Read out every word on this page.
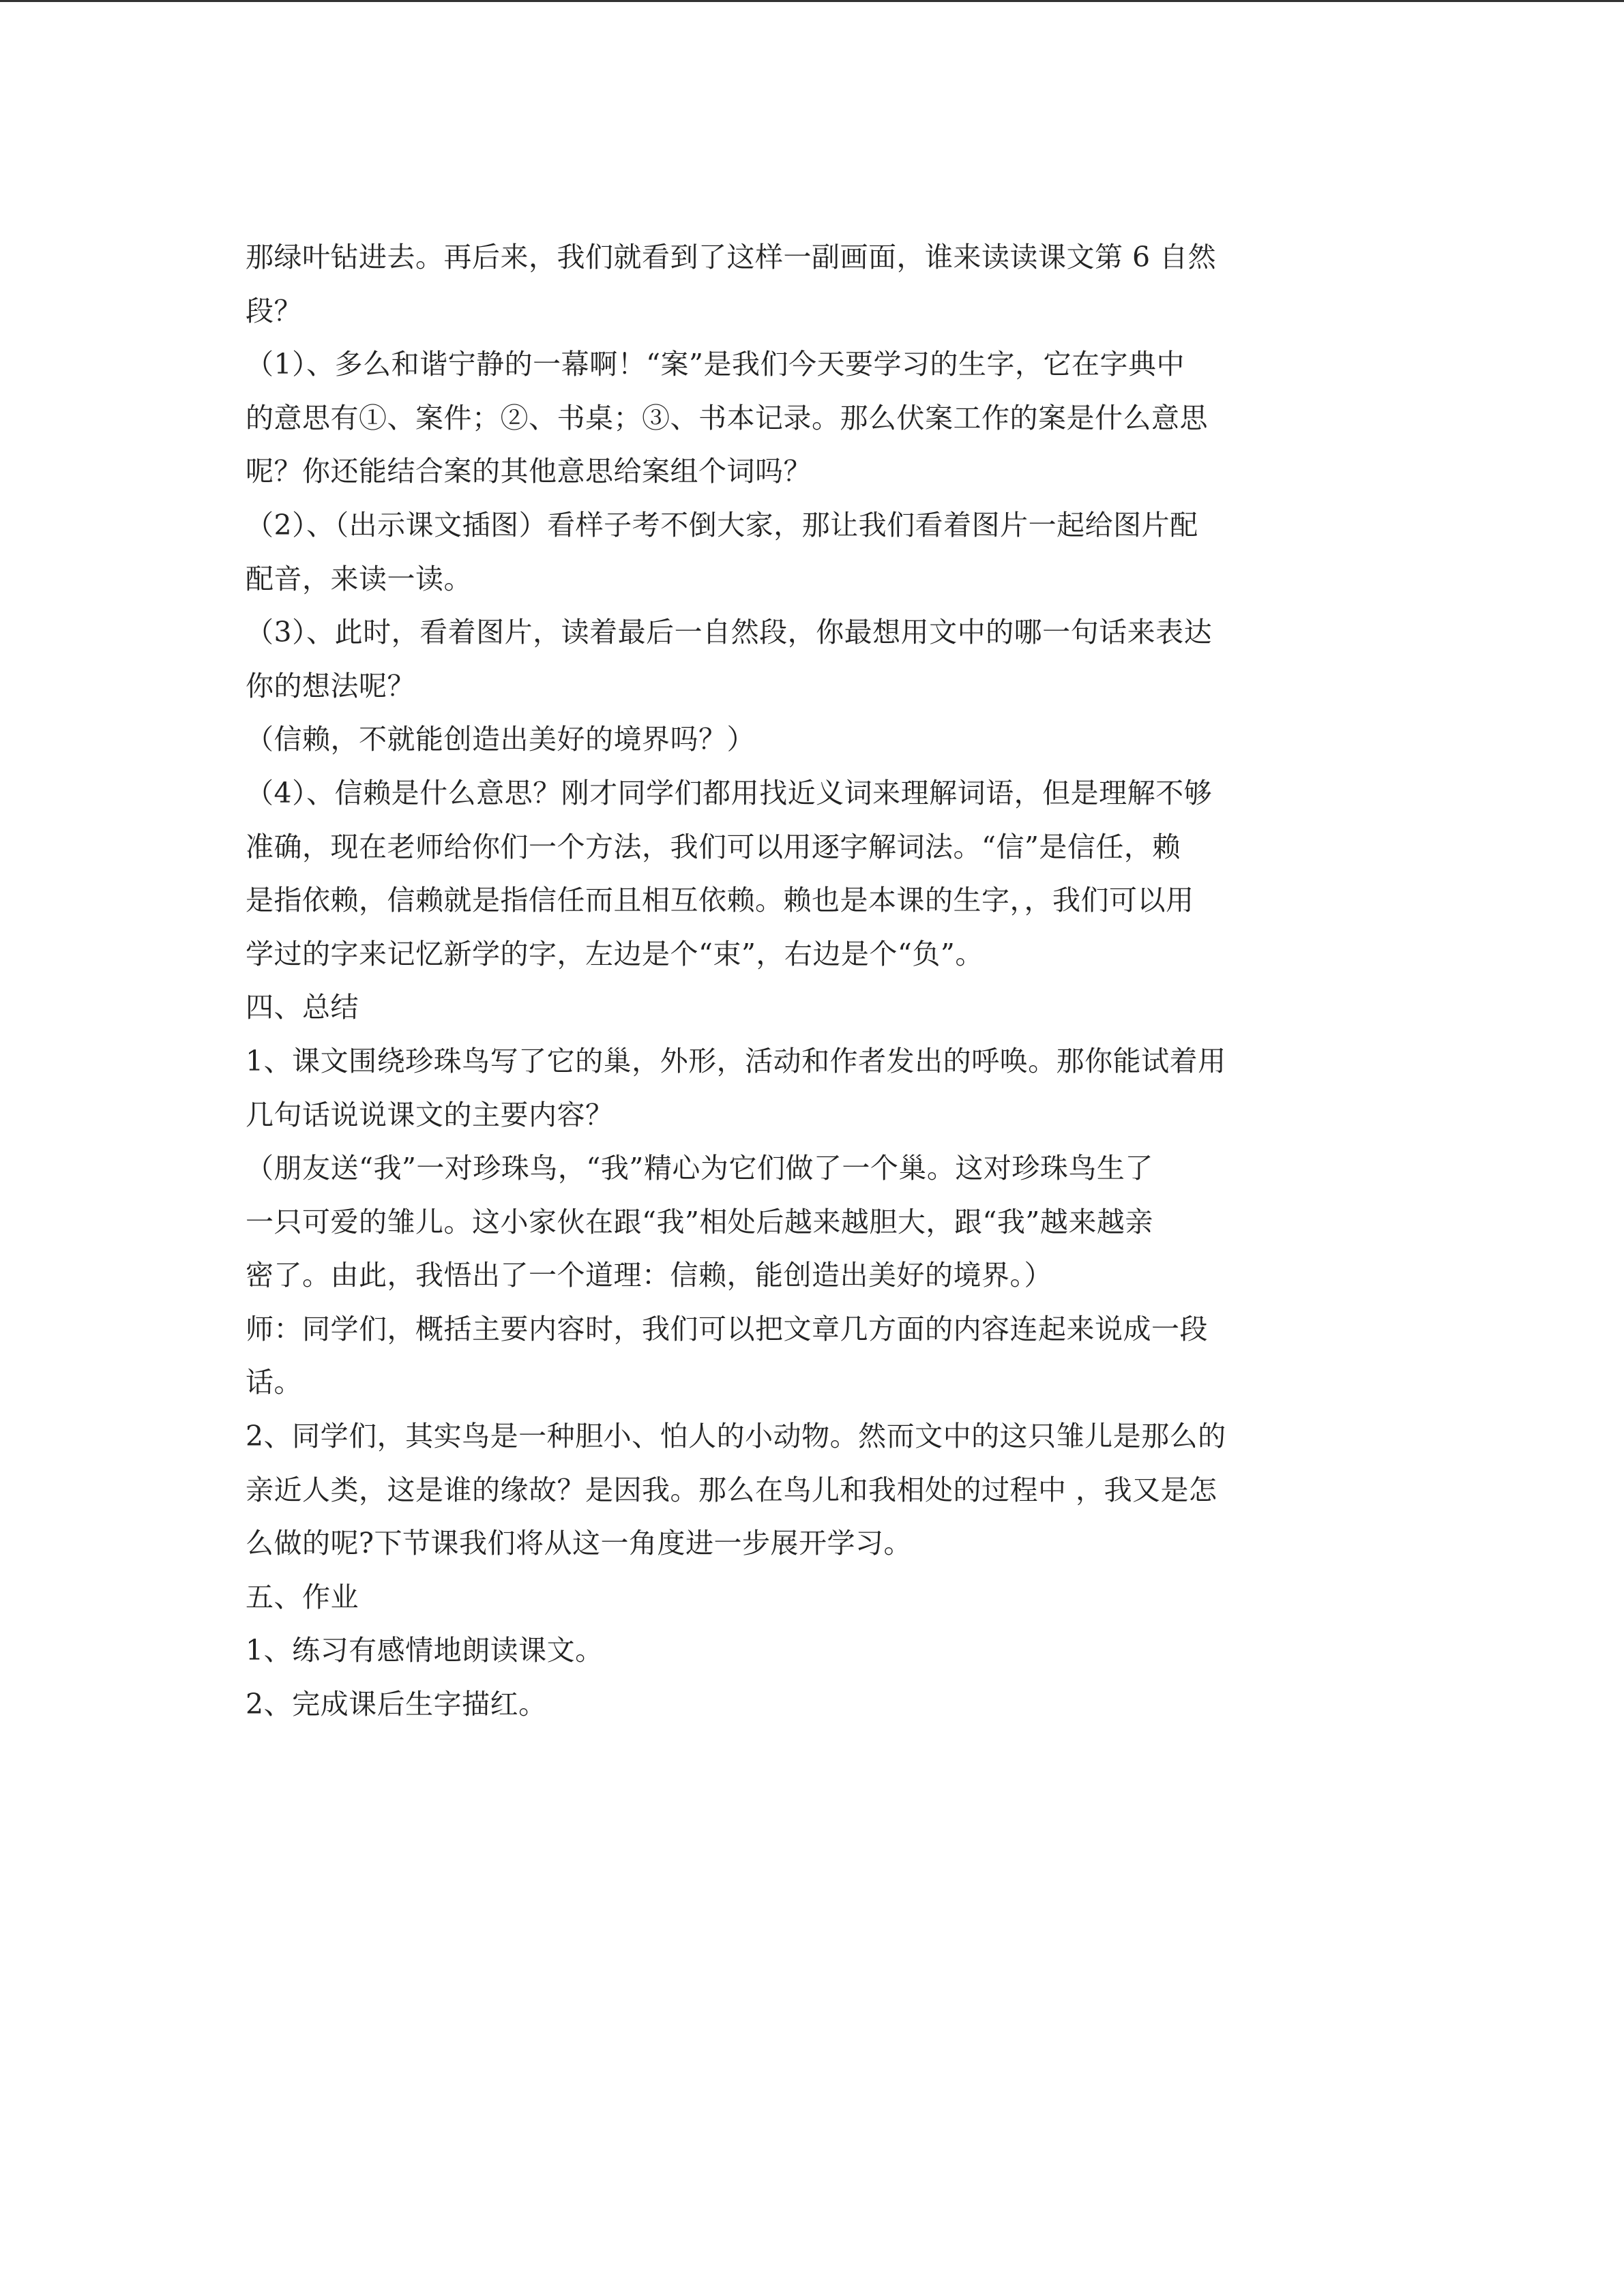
那绿叶钻进去。再后来，我们就看到了这样一副画面，谁来读读课文第 6 自然
段？
（1）、多么和谐宁静的一幕啊！“案”是我们今天要学习的生字，它在字典中
的意思有①、案件；②、书桌；③、书本记录。那么伏案工作的案是什么意思
呢？你还能结合案的其他意思给案组个词吗？
（2）、（出示课文插图）看样子考不倒大家，那让我们看着图片一起给图片配
配音，来读一读。
（3）、此时，看着图片，读着最后一自然段，你最想用文中的哪一句话来表达
你的想法呢？
（信赖，不就能创造出美好的境界吗？）
（4）、信赖是什么意思？刚才同学们都用找近义词来理解词语，但是理解不够
准确，现在老师给你们一个方法，我们可以用逐字解词法。“信”是信任，赖
是指依赖，信赖就是指信任而且相互依赖。赖也是本课的生字，，我们可以用
学过的字来记忆新学的字，左边是个“束”，右边是个“负”。
四、总结
1、课文围绕珍珠鸟写了它的巢，外形，活动和作者发出的呼唤。那你能试着用
几句话说说课文的主要内容？
（朋友送“我”一对珍珠鸟，“我”精心为它们做了一个巢。这对珍珠鸟生了
一只可爱的雏儿。这小家伙在跟“我”相处后越来越胆大，跟“我”越来越亲
密了。由此，我悟出了一个道理：信赖，能创造出美好的境界。）
师：同学们，概括主要内容时，我们可以把文章几方面的内容连起来说成一段
话。
2、同学们，其实鸟是一种胆小、怕人的小动物。然而文中的这只雏儿是那么的
亲近人类，这是谁的缘故？是因我。那么在鸟儿和我相处的过程中 ，我又是怎
么做的呢?下节课我们将从这一角度进一步展开学习。
五、作业
1、练习有感情地朗读课文。
2、完成课后生字描红。
